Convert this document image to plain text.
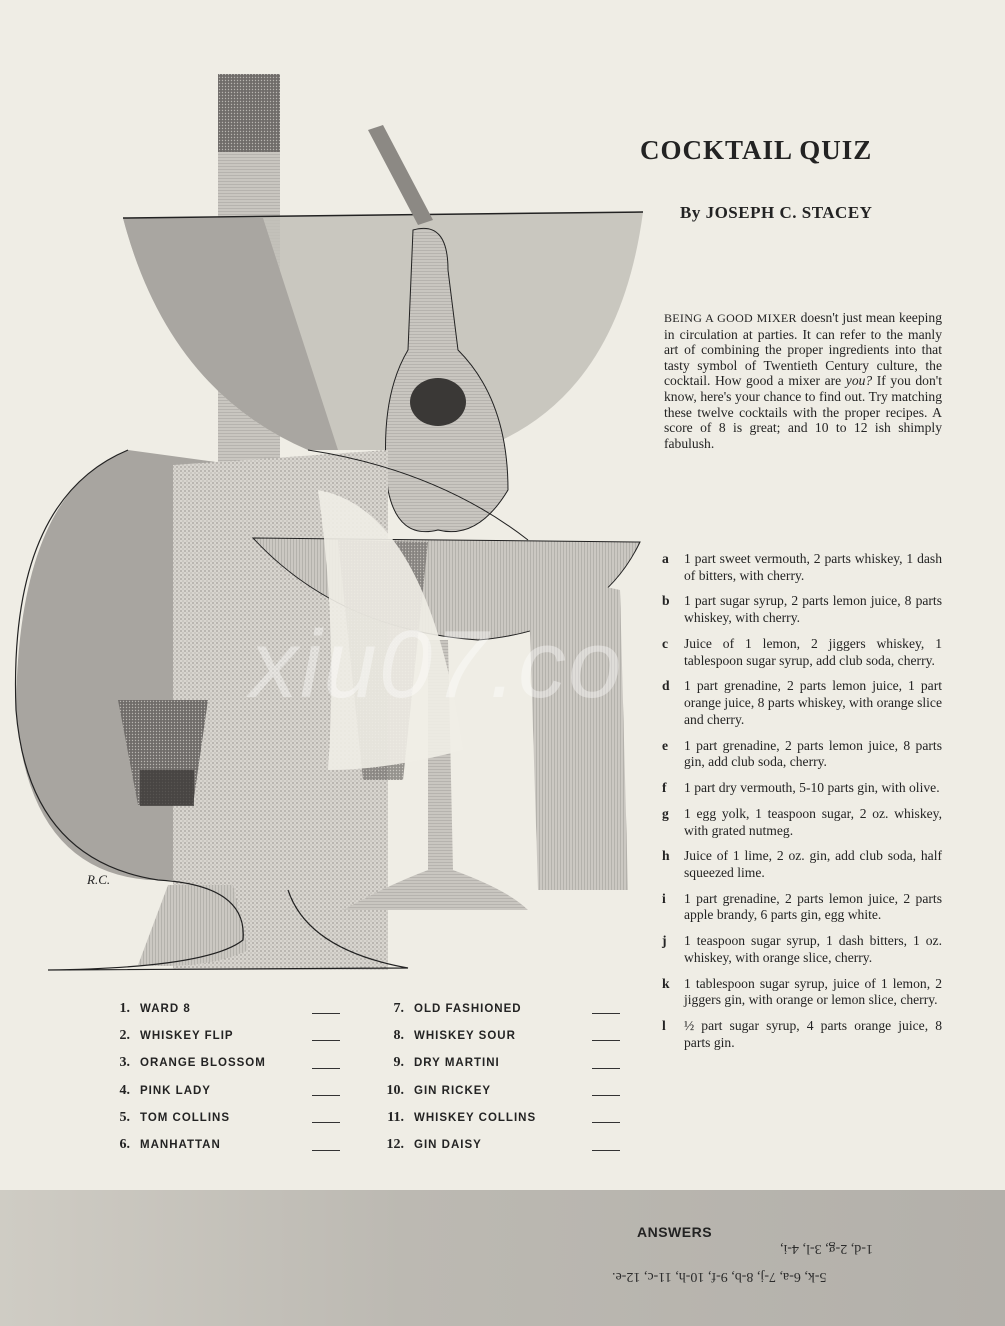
R.C.
xiu07.co
COCKTAIL QUIZ
By JOSEPH C. STACEY

BEING A GOOD MIXER doesn't just mean keeping in circulation at parties. It can refer to the manly art of combining the proper ingredients into that tasty symbol of Twentieth Century culture, the cocktail. How good a mixer are you? If you don't know, here's your chance to find out. Try matching these twelve cocktails with the proper recipes. A score of 8 is great; and 10 to 12 ish shimply fabulush.

a	1 part sweet vermouth, 2 parts whiskey, 1 dash of bitters, with cherry.
b	1 part sugar syrup, 2 parts lemon juice, 8 parts whiskey, with cherry.
c	Juice of 1 lemon, 2 jiggers whiskey, 1 tablespoon sugar syrup, add club soda, cherry.
d	1 part grenadine, 2 parts lemon juice, 1 part orange juice, 8 parts whiskey, with orange slice and cherry.
e	1 part grenadine, 2 parts lemon juice, 8 parts gin, add club soda, cherry.
f	1 part dry vermouth, 5-10 parts gin, with olive.
g	1 egg yolk, 1 teaspoon sugar, 2 oz. whiskey, with grated nutmeg.
h	Juice of 1 lime, 2 oz. gin, add club soda, half squeezed lime.
i	1 part grenadine, 2 parts lemon juice, 2 parts apple brandy, 6 parts gin, egg white.
j	1 teaspoon sugar syrup, 1 dash bitters, 1 oz. whiskey, with orange slice, cherry.
k	1 tablespoon sugar syrup, juice of 1 lemon, 2 jiggers gin, with orange or lemon slice, cherry.
l	½ part sugar syrup, 4 parts orange juice, 8 parts gin.
1. WARD 8
2. WHISKEY FLIP
3. ORANGE BLOSSOM
4. PINK LADY
5. TOM COLLINS
6. MANHATTAN
7. OLD FASHIONED
8. WHISKEY SOUR
9. DRY MARTINI
10. GIN RICKEY
11. WHISKEY COLLINS
12. GIN DAISY
ANSWERS
1-d, 2-g, 3-l, 4-i,
5-k, 6-a, 7-j, 8-b, 9-f, 10-h, 11-c, 12-e.
